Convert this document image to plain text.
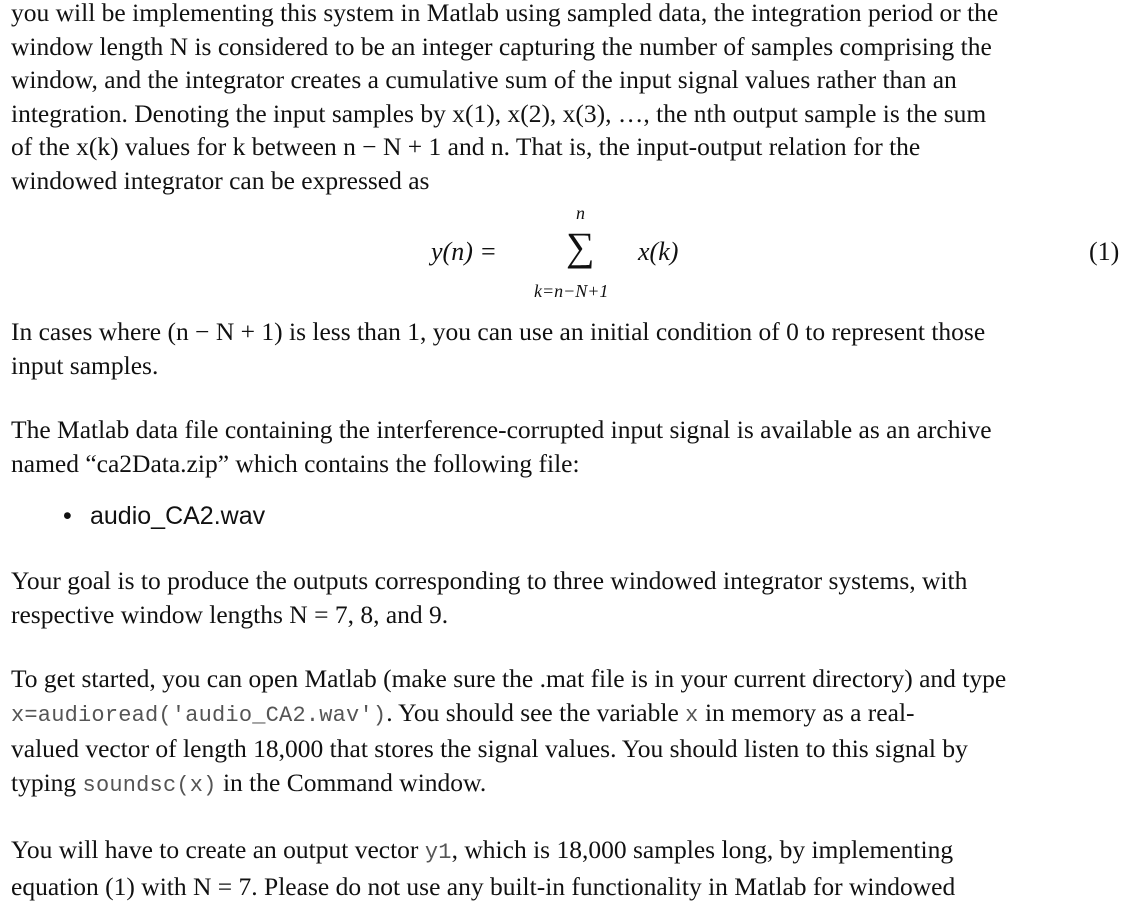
you will be implementing this system in Matlab using sampled data, the integration period or the
window length N is considered to be an integer capturing the number of samples comprising the
window, and the integrator creates a cumulative sum of the input signal values rather than an
integration. Denoting the input samples by x(1), x(2), x(3), …, the nth output sample is the sum
of the x(k) values for k between n − N + 1 and n. That is, the input-output relation for the
windowed integrator can be expressed as

y(n) =
n
∑
k=n−N+1
x(k)	(1)

In cases where (n − N + 1) is less than 1, you can use an initial condition of 0 to represent those
input samples.

The Matlab data file containing the interference-corrupted input signal is available as an archive
named “ca2Data.zip” which contains the following file:

• audio_CA2.wav

Your goal is to produce the outputs corresponding to three windowed integrator systems, with
respective window lengths N = 7, 8, and 9.

To get started, you can open Matlab (make sure the .mat file is in your current directory) and type
x=audioread('audio_CA2.wav'). You should see the variable x in memory as a real-
valued vector of length 18,000 that stores the signal values. You should listen to this signal by
typing soundsc(x) in the Command window.

You will have to create an output vector y1, which is 18,000 samples long, by implementing
equation (1) with N = 7. Please do not use any built-in functionality in Matlab for windowed
